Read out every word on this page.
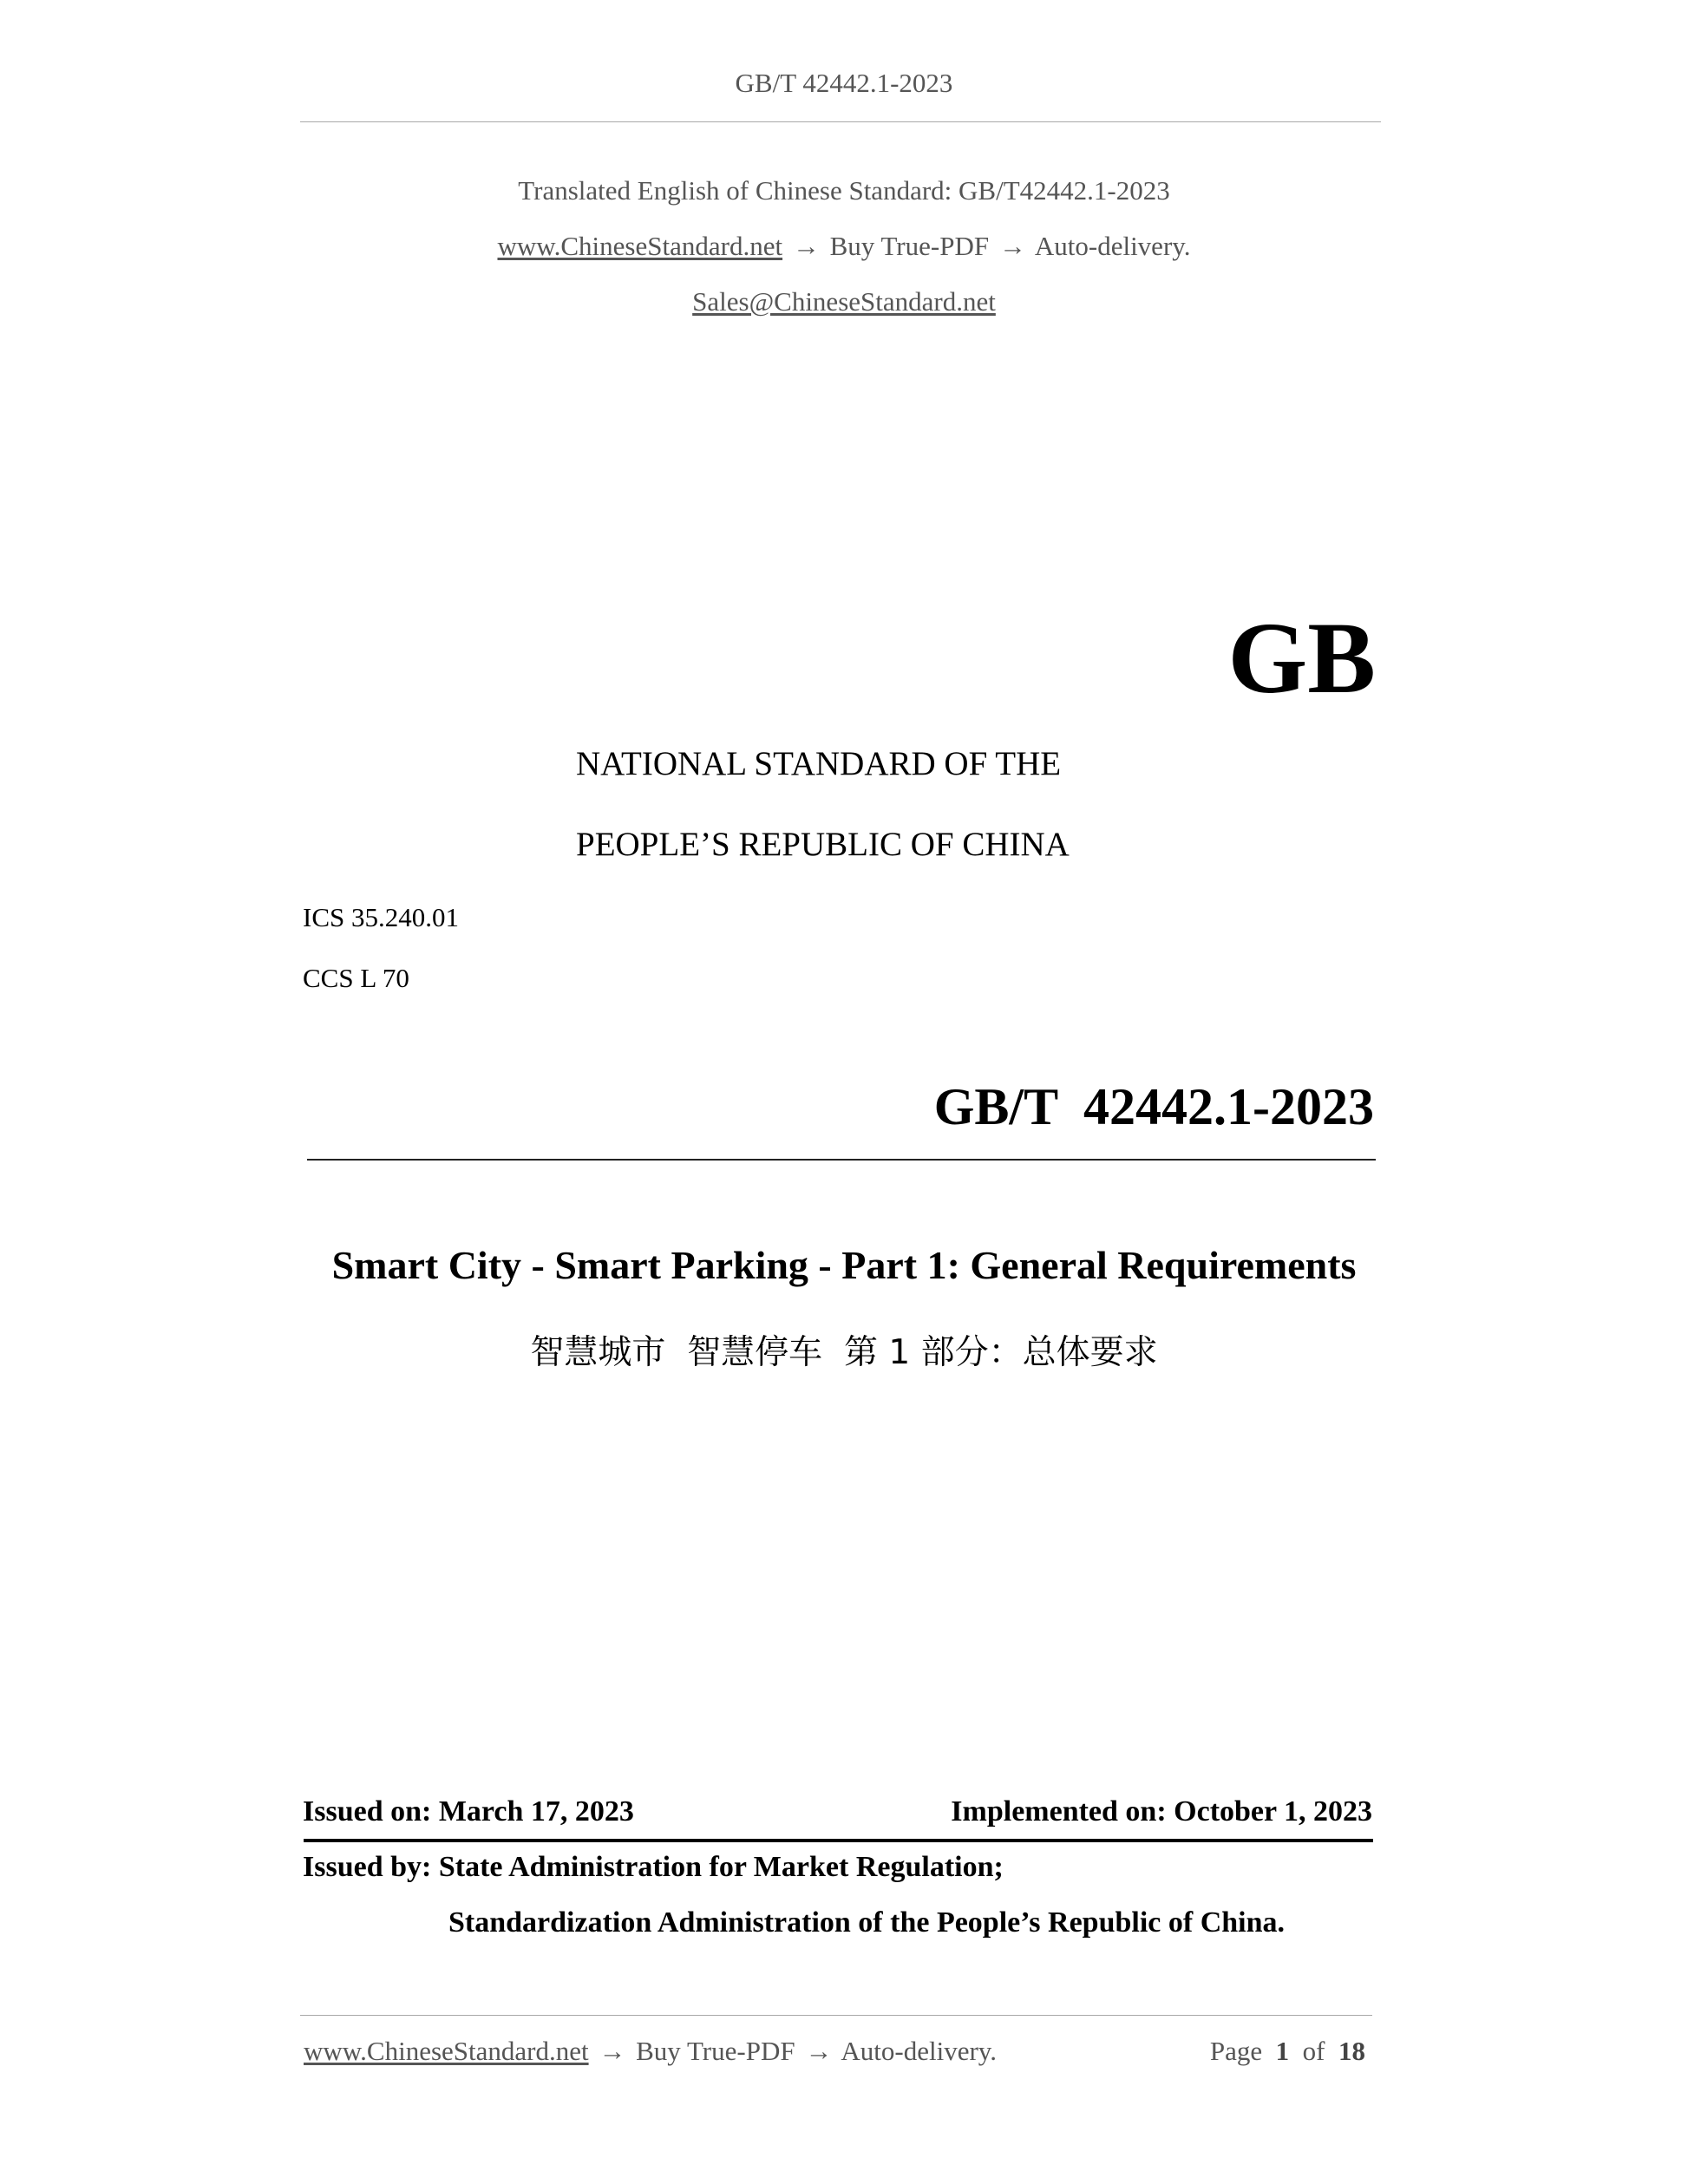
GB/T 42442.1-2023
Translated English of Chinese Standard: GB/T42442.1-2023
www.ChineseStandard.net → Buy True-PDF → Auto-delivery.
Sales@ChineseStandard.net
GB
NATIONAL STANDARD OF THE
PEOPLE’S REPUBLIC OF CHINA
ICS 35.240.01
CCS L 70
GB/T  42442.1-2023
Smart City - Smart Parking - Part 1: General Requirements
智慧城市  智慧停车  第 1 部分：总体要求
Issued on: March 17, 2023	Implemented on: October 1, 2023
Issued by: State Administration for Market Regulation;
Standardization Administration of the People’s Republic of China.
www.ChineseStandard.net → Buy True-PDF → Auto-delivery.	Page 1 of 18
